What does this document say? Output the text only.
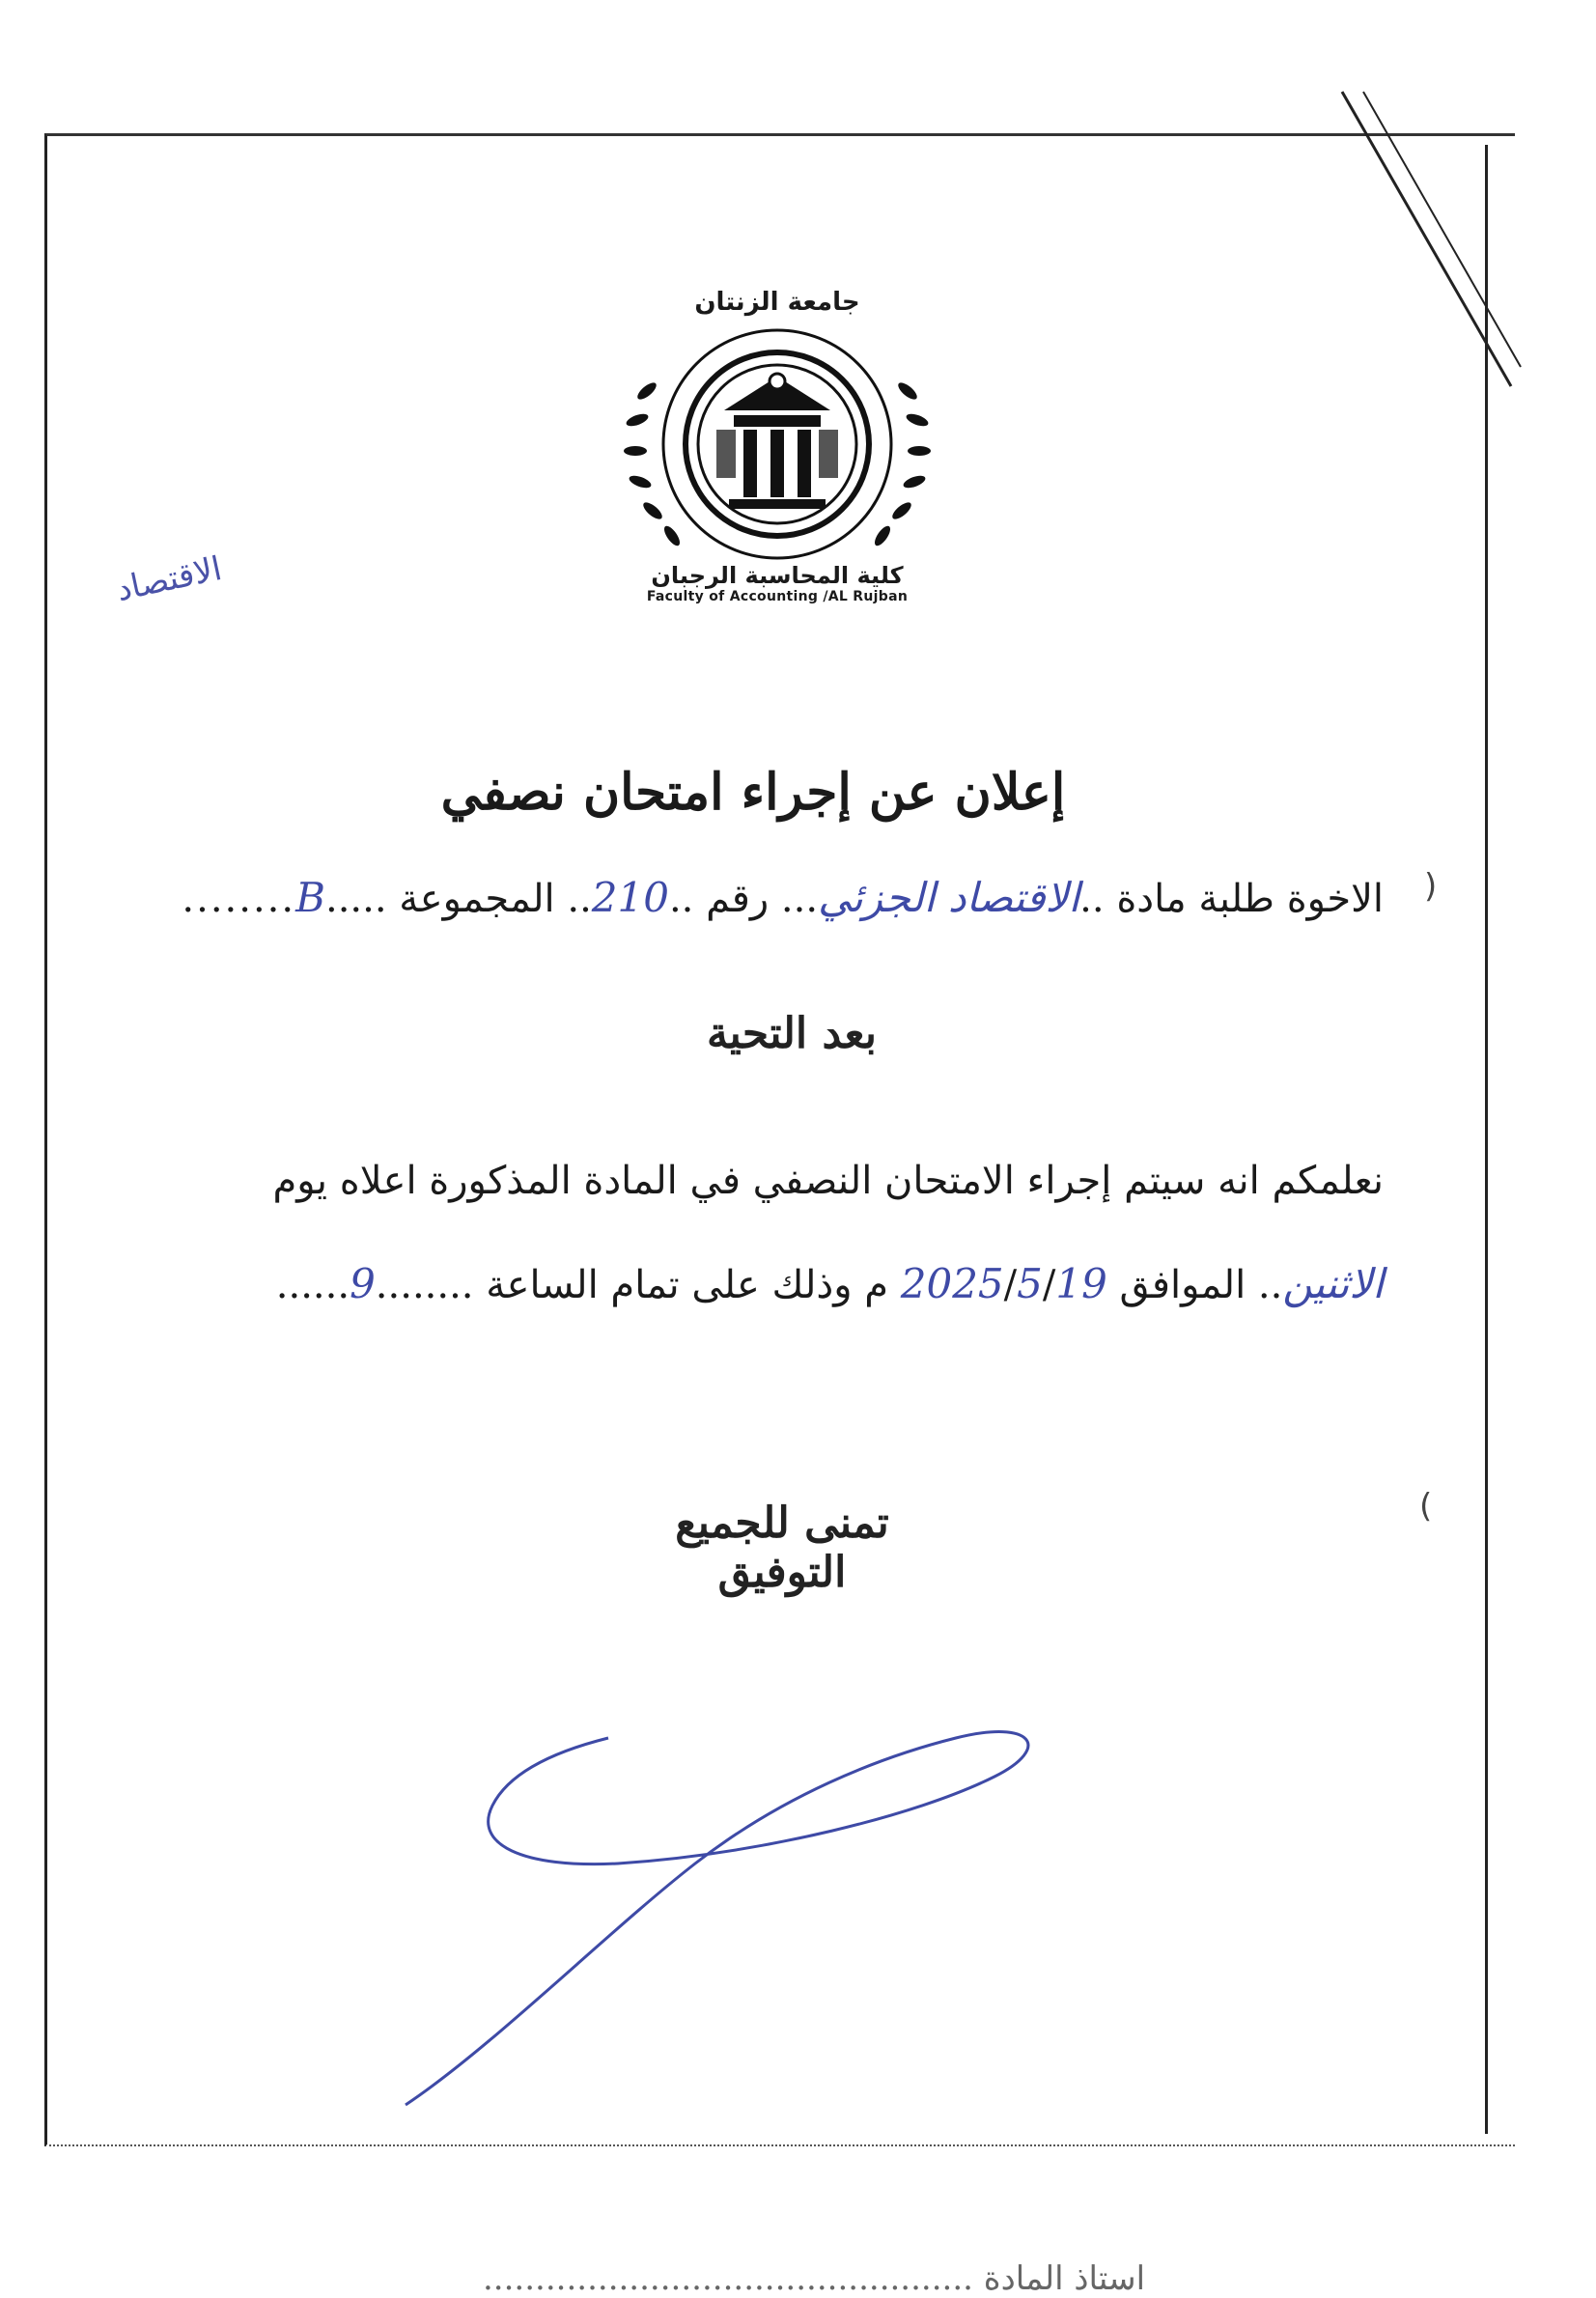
جامعة الزنتان
كلية المحاسبة الرجبان
Faculty of Accounting /AL Rujban
الاقتصاد
إعلان عن إجراء امتحان نصفي
الاخوة طلبة مادة ..الاقتصاد الجزئي... رقم ..210.. المجموعة .....B........
بعد التحية
نعلمكم انه سيتم إجراء الامتحان النصفي في المادة المذكورة اعلاه يوم
الاثنين.. الموافق 2025/5/19 م وذلك على تمام الساعة ........9......
تمنى للجميع التوفيق
استاذ المادة ...............................................
)
(
